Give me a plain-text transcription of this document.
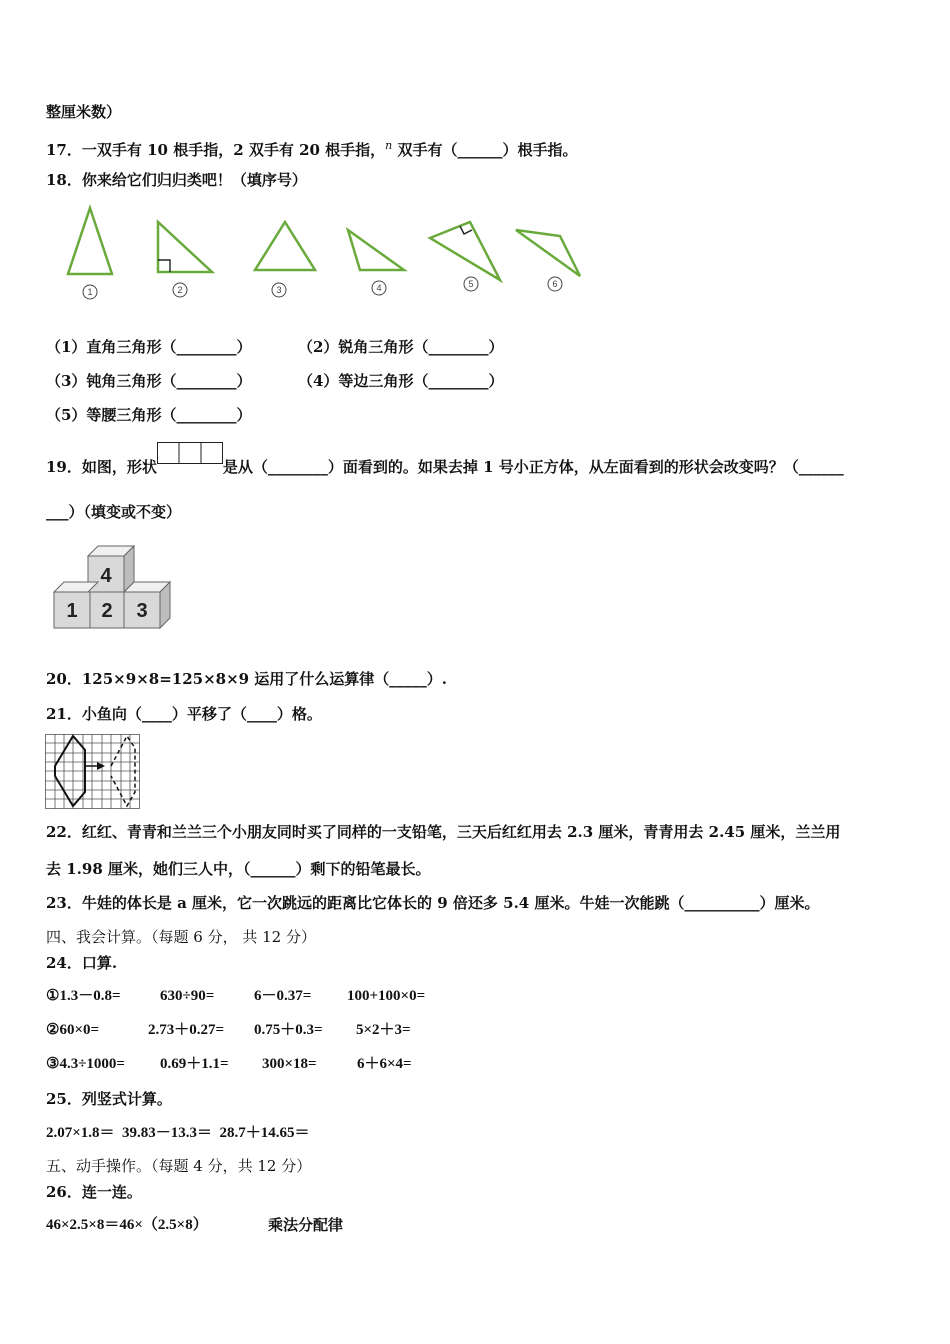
整厘米数）
17．一双手有 10 根手指，2 双手有 20 根手指，$^n$ 双手有（______）根手指。
18．你来给它们归归类吧！（填序号）
1	2	3	4	5	6
（1）直角三角形（________）	（2）锐角三角形（________）
（3）钝角三角形（________）	（4）等边三角形（________）
（5）等腰三角形（________）
19．如图，形状	是从（________）面看到的。如果去掉 1 号小正方体，从左面看到的形状会改变吗？（______
___）（填变或不变）
1 2 3
4
20．125×9×8=125×8×9 运用了什么运算律（_____）.
21．小鱼向（____）平移了（____）格。
22．红红、青青和兰兰三个小朋友同时买了同样的一支铅笔，三天后红红用去 2.3 厘米，青青用去 2.45 厘米，兰兰用
去 1.98 厘米，她们三人中，（______）剩下的铅笔最长。
23．牛娃的体长是 a 厘米，它一次跳远的距离比它体长的 9 倍还多 5.4 厘米。牛娃一次能跳（__________）厘米。
四、我会计算。（每题 6 分， 共 12 分）
24．口算.
①1.3－0.8=	630÷90=	6－0.37= 100+100×0=
②60×0=	2.73＋0.27= 0.75＋0.3= 5×2＋3=
③4.3÷1000= 0.69＋1.1= 300×18=	6＋6×4=
25．列竖式计算。
2.07×1.8＝  39.83－13.3＝  28.7＋14.65＝
五、动手操作。（每题 4 分，共 12 分）
26．连一连。
46×2.5×8＝46×（2.5×8）	乘法分配律
